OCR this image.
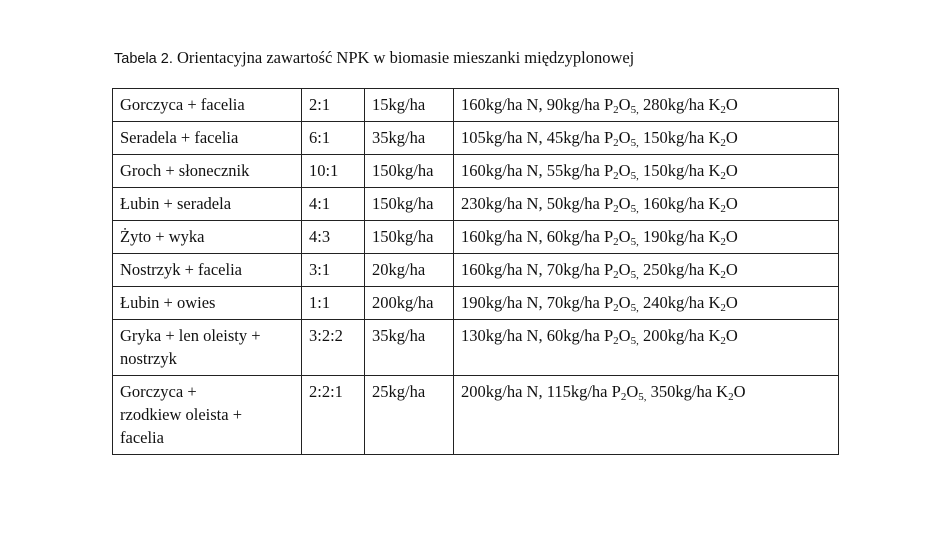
Tabela 2. Orientacyjna zawartość NPK w biomasie mieszanki międzyplonowej
Gorczyca + facelia	2:1	15kg/ha	160kg/ha N, 90kg/ha $P_2O_{5,}$ 280kg/ha $K_2O$
Seradela + facelia	6:1	35kg/ha	105kg/ha N, 45kg/ha $P_2O_{5,}$ 150kg/ha $K_2O$
Groch + słonecznik	10:1	150kg/ha	160kg/ha N, 55kg/ha $P_2O_{5,}$ 150kg/ha $K_2O$
Łubin + seradela	4:1	150kg/ha	230kg/ha N, 50kg/ha $P_2O_{5,}$ 160kg/ha $K_2O$
Żyto + wyka	4:3	150kg/ha	160kg/ha N, 60kg/ha $P_2O_{5,}$ 190kg/ha $K_2O$
Nostrzyk + facelia	3:1	20kg/ha	160kg/ha N, 70kg/ha $P_2O_{5,}$ 250kg/ha $K_2O$
Łubin + owies	1:1	200kg/ha	190kg/ha N, 70kg/ha $P_2O_{5,}$ 240kg/ha $K_2O$
Gryka + len oleisty +
nostrzyk	3:2:2	35kg/ha	130kg/ha N, 60kg/ha $P_2O_{5,}$ 200kg/ha $K_2O$
Gorczyca +
rzodkiew oleista +
facelia	2:2:1	25kg/ha	200kg/ha N, 115kg/ha $P_2O_{5,}$ 350kg/ha $K_2O$
